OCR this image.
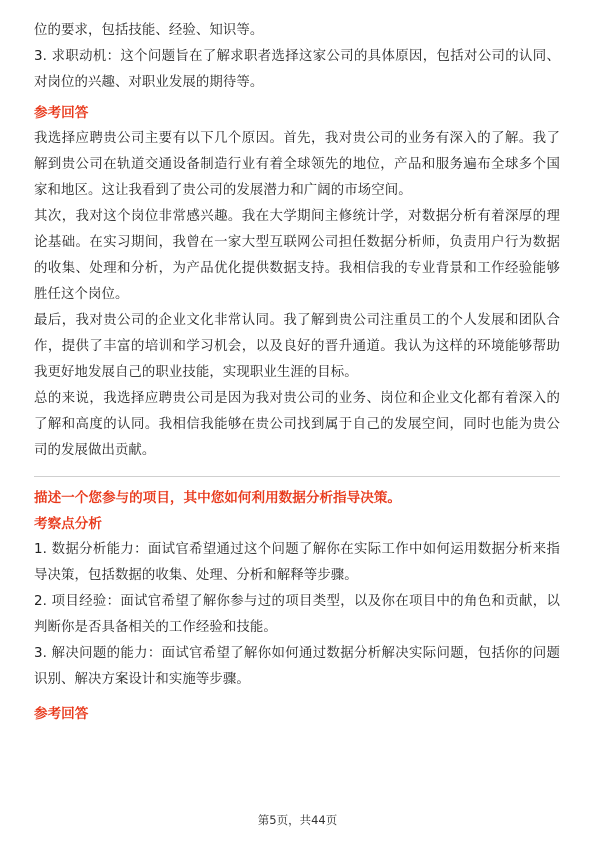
位的要求，包括技能、经验、知识等。

3. 求职动机：这个问题旨在了解求职者选择这家公司的具体原因，包括对公司的认同、对岗位的兴趣、对职业发展的期待等。

参考回答

我选择应聘贵公司主要有以下几个原因。首先，我对贵公司的业务有深入的了解。我了解到贵公司在轨道交通设备制造行业有着全球领先的地位，产品和服务遍布全球多个国家和地区。这让我看到了贵公司的发展潜力和广阔的市场空间。

其次，我对这个岗位非常感兴趣。我在大学期间主修统计学，对数据分析有着深厚的理论基础。在实习期间，我曾在一家大型互联网公司担任数据分析师，负责用户行为数据的收集、处理和分析，为产品优化提供数据支持。我相信我的专业背景和工作经验能够胜任这个岗位。

最后，我对贵公司的企业文化非常认同。我了解到贵公司注重员工的个人发展和团队合作，提供了丰富的培训和学习机会，以及良好的晋升通道。我认为这样的环境能够帮助我更好地发展自己的职业技能，实现职业生涯的目标。

总的来说，我选择应聘贵公司是因为我对贵公司的业务、岗位和企业文化都有着深入的了解和高度的认同。我相信我能够在贵公司找到属于自己的发展空间，同时也能为贵公司的发展做出贡献。

描述一个您参与的项目，其中您如何利用数据分析指导决策。

考察点分析

1. 数据分析能力：面试官希望通过这个问题了解你在实际工作中如何运用数据分析来指导决策，包括数据的收集、处理、分析和解释等步骤。

2. 项目经验：面试官希望了解你参与过的项目类型，以及你在项目中的角色和贡献，以判断你是否具备相关的工作经验和技能。

3. 解决问题的能力：面试官希望了解你如何通过数据分析解决实际问题，包括你的问题识别、解决方案设计和实施等步骤。

参考回答

第5页，共44页
